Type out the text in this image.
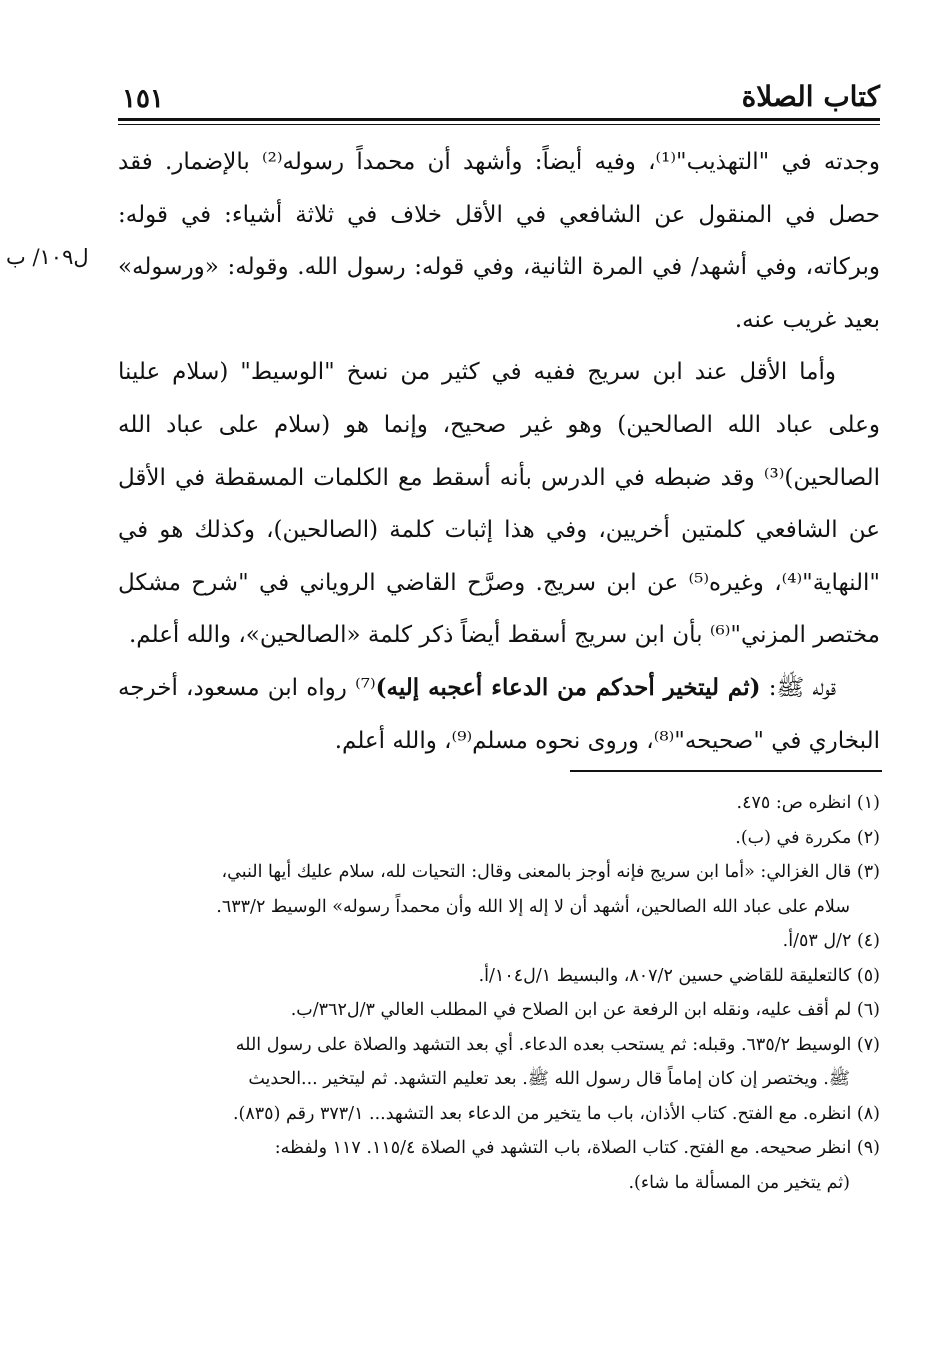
١٥١	كتاب الصلاة
ل١٠٩/ ب

وجدته في "التهذيب"⁽¹⁾، وفيه أيضاً: وأشهد أن محمداً رسوله⁽²⁾ بالإضمار. فقد حصل في المنقول عن الشافعي في الأقل خلاف في ثلاثة أشياء: في قوله: وبركاته، وفي أشهد/ في المرة الثانية، وفي قوله: رسول الله. وقوله: «ورسوله» بعيد غريب عنه.

وأما الأقل عند ابن سريج ففيه في كثير من نسخ "الوسيط" (سلام علينا وعلى عباد الله الصالحين) وهو غير صحيح، وإنما هو (سلام على عباد الله الصالحين)⁽³⁾ وقد ضبطه في الدرس بأنه أسقط مع الكلمات المسقطة في الأقل عن الشافعي كلمتين أخريين، وفي هذا إثبات كلمة (الصالحين)، وكذلك هو في "النهاية"⁽⁴⁾، وغيره⁽⁵⁾ عن ابن سريج. وصرَّح القاضي الروياني في "شرح مشكل مختصر المزني"⁽⁶⁾ بأن ابن سريج أسقط أيضاً ذكر كلمة «الصالحين»، والله أعلم.

قوله ﷺ: (ثم ليتخير أحدكم من الدعاء أعجبه إليه)⁽⁷⁾ رواه ابن مسعود، أخرجه البخاري في "صحيحه"⁽⁸⁾، وروى نحوه مسلم⁽⁹⁾، والله أعلم.

(١) انظره ص: ٤٧٥.

(٢) مكررة في (ب).

(٣) قال الغزالي: «أما ابن سريج فإنه أوجز بالمعنى وقال: التحيات لله، سلام عليك أيها النبي،

سلام على عباد الله الصالحين، أشهد أن لا إله إلا الله وأن محمداً رسوله» الوسيط ٦٣٣/٢.

(٤) ٢/ل ٥٣/أ.

(٥) كالتعليقة للقاضي حسين ٨٠٧/٢، والبسيط ١/ل١٠٤/أ.

(٦) لم أقف عليه، ونقله ابن الرفعة عن ابن الصلاح في المطلب العالي ٣/ل٣٦٢/ب.

(٧) الوسيط ٦٣٥/٢. وقبله: ثم يستحب بعده الدعاء. أي بعد التشهد والصلاة على رسول الله

ﷺ. ويختصر إن كان إماماً قال رسول الله ﷺ. بعد تعليم التشهد. ثم ليتخير ...الحديث

(٨) انظره. مع الفتح. كتاب الأذان، باب ما يتخير من الدعاء بعد التشهد... ٣٧٣/١ رقم (٨٣٥).

(٩) انظر صحيحه. مع الفتح. كتاب الصلاة، باب التشهد في الصلاة ١١٥/٤. ١١٧ ولفظه:

(ثم يتخير من المسألة ما شاء).
